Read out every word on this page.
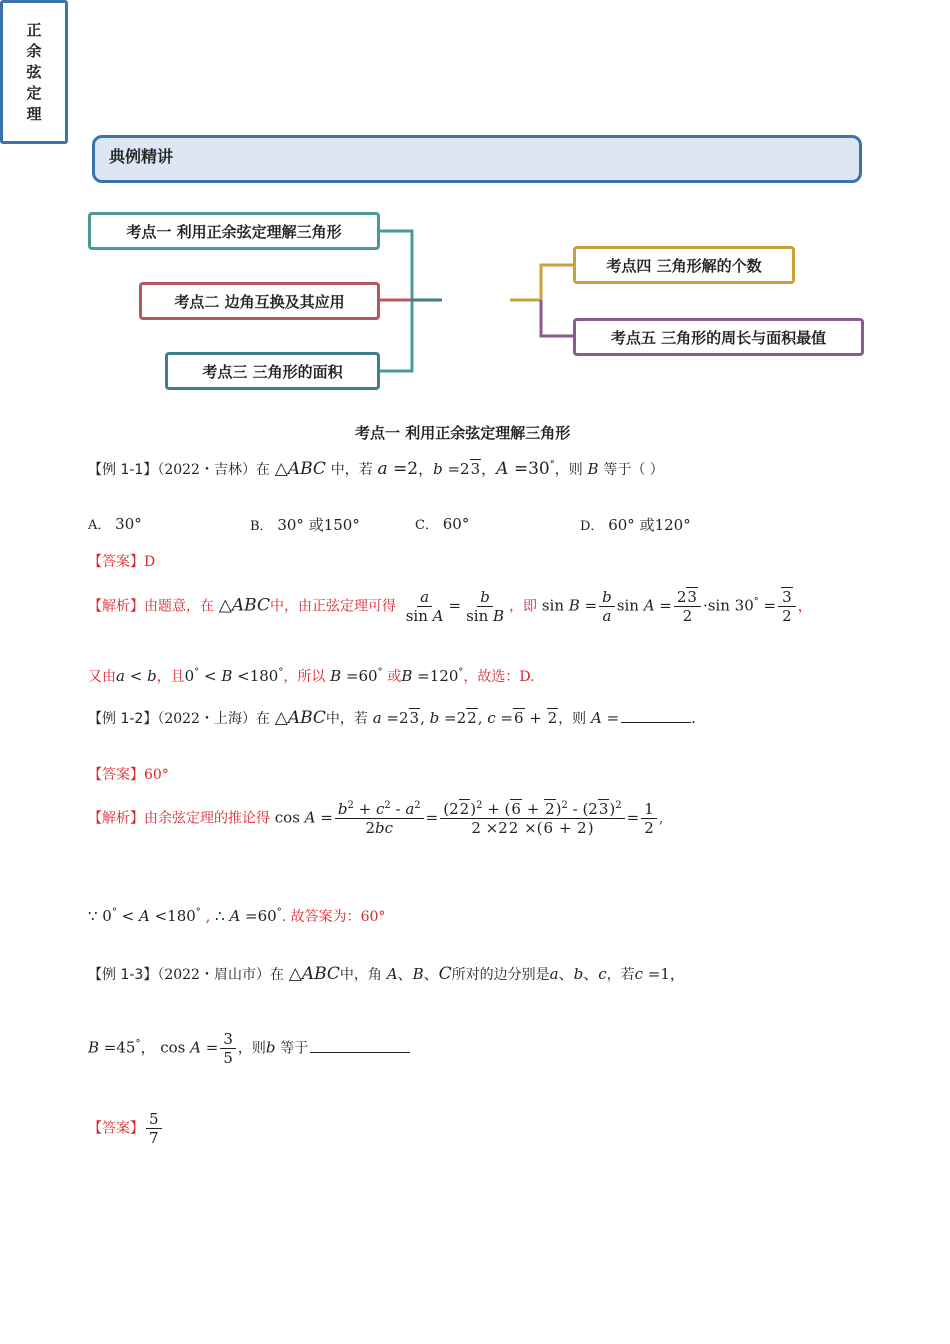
典例精讲
考点一 利用正余弦定理解三角形
考点二 边角互换及其应用
考点三 三角形的面积
正
余
弦
定
理
考点四 三角形解的个数
考点五 三角形的周长与面积最值
考点一 利用正余弦定理解三角形
【例 1-1】（2022・吉林）在 △ABC 中，若 a =2，b =23，A =30°，则 B 等于（ ）
A． 30°	B． 30° 或150°	C． 60°	D． 60° 或120°
【答案】D
【解析】由题意，在 △ABC中，由正弦定理可得 $\frac{a}{\text{sin A}} = \frac{b}{\text{sin B}}$ ，即 $\sin B = \frac{b}{a}$ $\sin A = \frac{23}{2} \cdot\sin$ $30^\circ = \frac{3}{2}$ ，
又由a < b，且0° < B <180°，所以 B =60° 或B =120°，故选：D.
【例 1-2】（2022・上海）在 △ABC中，若 a =23, b =22, c =6 + 2，则 A =	.
【答案】60°
【解析】由余弦定理的推论得 $\cos A = \frac{b^2 + c^2 - a^2}{2bc} = \frac{(22)^2 + (6 + 2)^2 - (23)^2}{2 \times 22 \times(6 + 2)} = \frac{1}{2}$ ,
∵ 0° < A <180° , ∴ A =60°. 故答案为：60°
【例 1-3】（2022・眉山市）在 △ABC中，角 A、B、C所对的边分别是a、b、c，若c =1，
B =45°， $\cos A = \frac{3}{5}$ ，则b 等于
【答案】 $\frac{5}{7}$
